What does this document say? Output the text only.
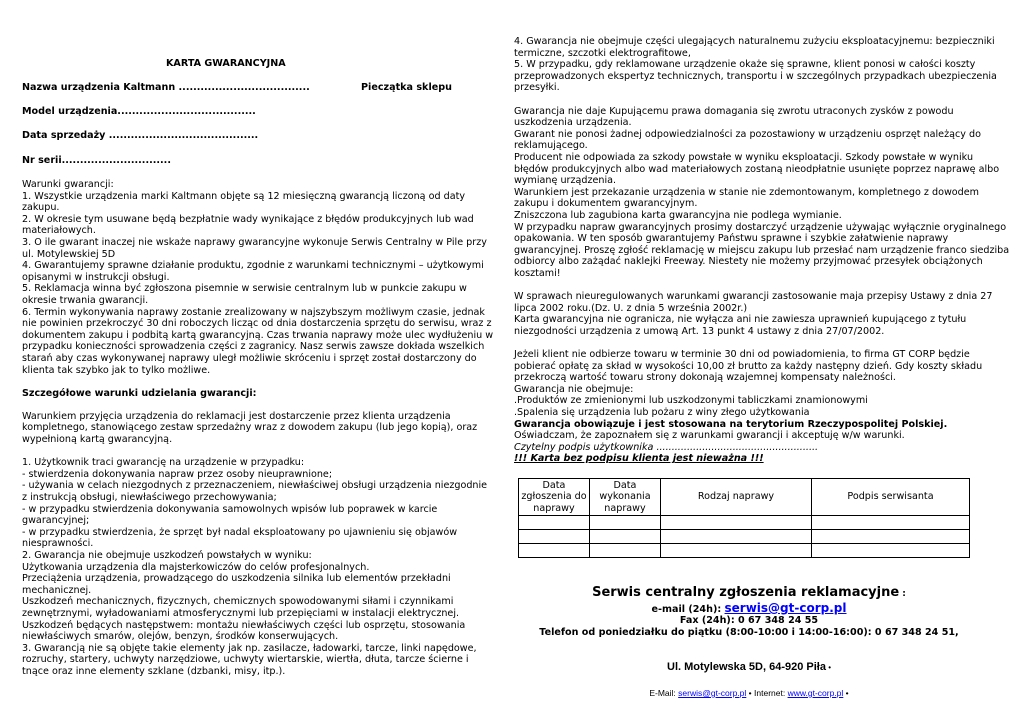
KARTA GWARANCYJNA
Nazwa urządzenia Kaltmann ....................................	Pieczątka sklepu
Model urządzenia......................................
Data sprzedaży .........................................
Nr serii..............................

Warunki gwarancji:

1. Wszystkie urządzenia marki Kaltmann objęte są 12 miesięczną gwarancją liczoną od daty zakupu.

2. W okresie tym usuwane będą bezpłatnie wady wynikające z błędów produkcyjnych lub wad materiałowych.

3. O ile gwarant inaczej nie wskaże naprawy gwarancyjne wykonuje Serwis Centralny w Pile przy ul. Motylewskiej 5D

4. Gwarantujemy sprawne działanie produktu, zgodnie z warunkami technicznymi – użytkowymi opisanymi w instrukcji obsługi.

5. Reklamacja winna być zgłoszona pisemnie w serwisie centralnym lub w punkcie zakupu w okresie trwania gwarancji.

6. Termin wykonywania naprawy zostanie zrealizowany w najszybszym możliwym czasie, jednak nie powinien przekroczyć 30 dni roboczych licząc od dnia dostarczenia sprzętu do serwisu, wraz z dokumentem zakupu i podbitą kartą gwarancyjną. Czas trwania naprawy może ulec wydłużeniu w przypadku konieczności sprowadzenia części z zagranicy. Nasz serwis zawsze dokłada wszelkich starań aby czas wykonywanej naprawy uległ możliwie skróceniu i sprzęt został dostarczony do klienta tak szybko jak to tylko możliwe.

Szczegółowe warunki udzielania gwarancji:

Warunkiem przyjęcia urządzenia do reklamacji jest dostarczenie przez klienta urządzenia kompletnego, stanowiącego zestaw sprzedażny wraz z dowodem zakupu (lub jego kopią), oraz wypełnioną kartą gwarancyjną.

1. Użytkownik traci gwarancję na urządzenie w przypadku:

- stwierdzenia dokonywania napraw przez osoby nieuprawnione;

- używania w celach niezgodnych z przeznaczeniem, niewłaściwej obsługi urządzenia niezgodnie z instrukcją obsługi, niewłaściwego przechowywania;

- w przypadku stwierdzenia dokonywania samowolnych wpisów lub poprawek w karcie gwarancyjnej;

- w przypadku stwierdzenia, że sprzęt był nadal eksploatowany po ujawnieniu się objawów niesprawności.

2. Gwarancja nie obejmuje uszkodzeń powstałych w wyniku:

Użytkowania urządzenia dla majsterkowiczów do celów profesjonalnych.

Przeciążenia urządzenia, prowadzącego do uszkodzenia silnika lub elementów przekładni mechanicznej.

Uszkodzeń mechanicznych, fizycznych, chemicznych spowodowanymi siłami i czynnikami zewnętrznymi, wyładowaniami atmosferycznymi lub przepięciami w instalacji elektrycznej.

Uszkodzeń będących następstwem: montażu niewłaściwych części lub osprzętu, stosowania niewłaściwych smarów, olejów, benzyn, środków konserwujących.

3. Gwarancją nie są objęte takie elementy jak np. zasilacze, ładowarki, tarcze, linki napędowe, rozruchy, startery, uchwyty narzędziowe, uchwyty wiertarskie, wiertła, dłuta, tarcze ścierne i tnące oraz inne elementy szklane (dzbanki, misy, itp.).

4. Gwarancja nie obejmuje części ulegających naturalnemu zużyciu eksploatacyjnemu: bezpieczniki termiczne, szczotki elektrografitowe,

5. W przypadku, gdy reklamowane urządzenie okaże się sprawne, klient ponosi w całości koszty przeprowadzonych ekspertyz technicznych, transportu i w szczególnych przypadkach ubezpieczenia przesyłki.

Gwarancja nie daje Kupującemu prawa domagania się zwrotu utraconych zysków z powodu uszkodzenia urządzenia.

Gwarant nie ponosi żadnej odpowiedzialności za pozostawiony w urządzeniu osprzęt należący do reklamującego.

Producent nie odpowiada za szkody powstałe w wyniku eksploatacji. Szkody powstałe w wyniku błędów produkcyjnych albo wad materiałowych zostaną nieodpłatnie usunięte poprzez naprawę albo wymianę urządzenia.

Warunkiem jest przekazanie urządzenia w stanie nie zdemontowanym, kompletnego z dowodem zakupu i dokumentem gwarancyjnym.

Zniszczona lub zagubiona karta gwarancyjna nie podlega wymianie.

W przypadku napraw gwarancyjnych prosimy dostarczyć urządzenie używając wyłącznie oryginalnego opakowania. W ten sposób gwarantujemy Państwu sprawne i szybkie załatwienie naprawy gwarancyjnej. Proszę zgłość reklamację w miejscu zakupu lub przesłać nam urządzenie franco siedziba odbiorcy albo zażądać naklejki Freeway. Niestety nie możemy przyjmować przesyłek obciążonych kosztami!

W sprawach nieuregulowanych warunkami gwarancji zastosowanie maja przepisy Ustawy z dnia 27 lipca 2002 roku.(Dz. U. z dnia 5 września 2002r.)

Karta gwarancyjna nie ogranicza, nie wyłącza ani nie zawiesza uprawnień kupującego z tytułu niezgodności urządzenia z umową Art. 13 punkt 4 ustawy z dnia 27/07/2002.

Jeżeli klient nie odbierze towaru w terminie 30 dni od powiadomienia, to firma GT CORP będzie pobierać opłatę za skład w wysokości 10,00 zł brutto za każdy następny dzień. Gdy koszty składu przekroczą wartość towaru strony dokonają wzajemnej kompensaty należności.

Gwarancja nie obejmuje:

.Produktów ze zmienionymi lub uszkodzonymi tabliczkami znamionowymi

.Spalenia się urządzenia lub pożaru z winy złego użytkowania

Gwarancja obowiązuje i jest stosowana na terytorium Rzeczypospolitej Polskiej.

Oświadczam, że zapoznałem się z warunkami gwarancji i akceptuję w/w warunki.

Czytelny podpis użytkownika .....................................................

!!! Karta bez podpisu klienta jest nieważna !!!

Data zgłoszenia do naprawy	Data wykonania naprawy	Rodzaj naprawy	Podpis serwisanta

Serwis centralny zgłoszenia reklamacyjne :
e-mail (24h): serwis@gt-corp.pl
Fax (24h): 0 67 348 24 55
Telefon od poniedziałku do piątku (8:00-10:00 i 14:00-16:00): 0 67 348 24 51,
Ul. Motylewska 5D, 64-920 Piła •
E-Mail: serwis@gt-corp.pl • Internet: www.gt-corp.pl •
